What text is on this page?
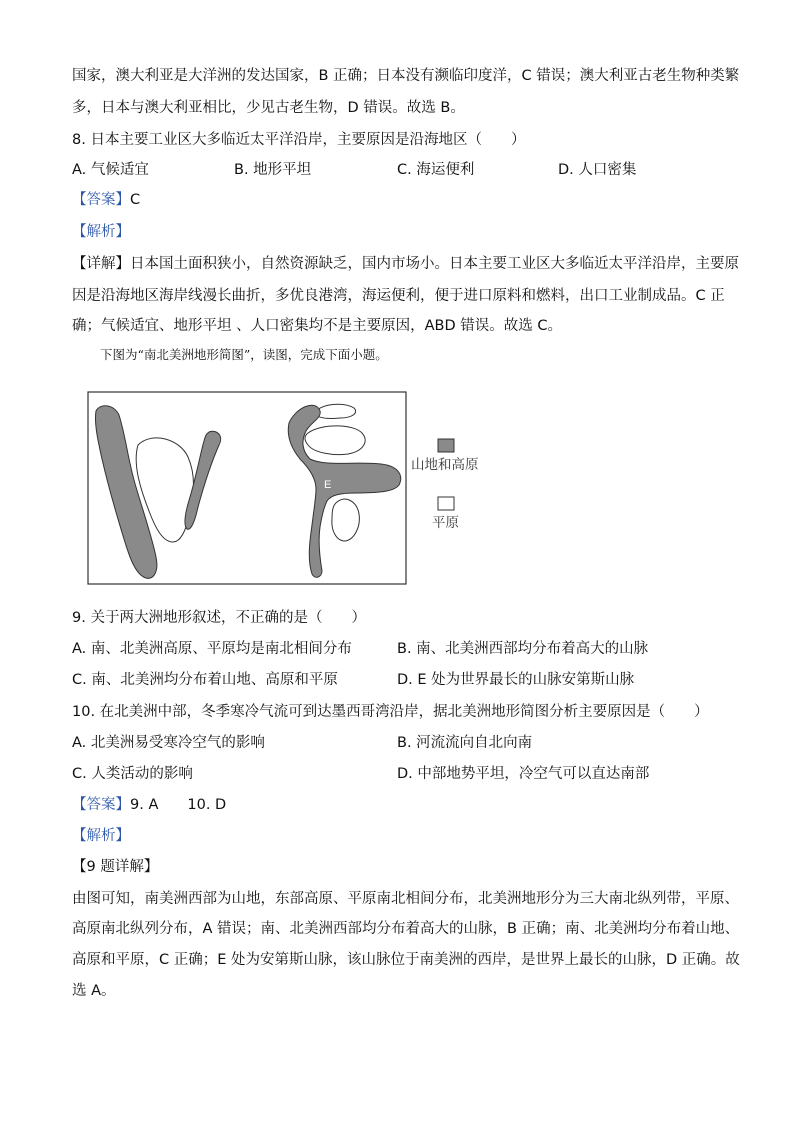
国家，澳大利亚是大洋洲的发达国家，B 正确；日本没有濒临印度洋，C 错误；澳大利亚古老生物种类繁
多，日本与澳大利亚相比，少见古老生物，D 错误。故选 B。
8. 日本主要工业区大多临近太平洋沿岸，主要原因是沿海地区（　　）
A. 气候适宜	B. 地形平坦	C. 海运便利	D. 人口密集
【答案】C
【解析】
【详解】日本国土面积狭小，自然资源缺乏，国内市场小。日本主要工业区大多临近太平洋沿岸，主要原
因是沿海地区海岸线漫长曲折，多优良港湾，海运便利，便于进口原料和燃料，出口工业制成品。C 正
确；气候适宜、地形平坦 、人口密集均不是主要原因，ABD 错误。故选 C。
下图为“南北美洲地形简图”，读图，完成下面小题。
E
山地和高原
平原
9. 关于两大洲地形叙述，不正确的是（　　）
A. 南、北美洲高原、平原均是南北相间分布	B. 南、北美洲西部均分布着高大的山脉
C. 南、北美洲均分布着山地、高原和平原	D. E 处为世界最长的山脉安第斯山脉
10. 在北美洲中部，冬季寒冷气流可到达墨西哥湾沿岸，据北美洲地形简图分析主要原因是（　　）
A. 北美洲易受寒冷空气的影响	B. 河流流向自北向南
C. 人类活动的影响	D. 中部地势平坦，冷空气可以直达南部
【答案】9. A　　10. D
【解析】
【9 题详解】
由图可知，南美洲西部为山地，东部高原、平原南北相间分布，北美洲地形分为三大南北纵列带，平原、
高原南北纵列分布，A 错误；南、北美洲西部均分布着高大的山脉，B 正确；南、北美洲均分布着山地、
高原和平原，C 正确；E 处为安第斯山脉，该山脉位于南美洲的西岸，是世界上最长的山脉，D 正确。故
选 A。
